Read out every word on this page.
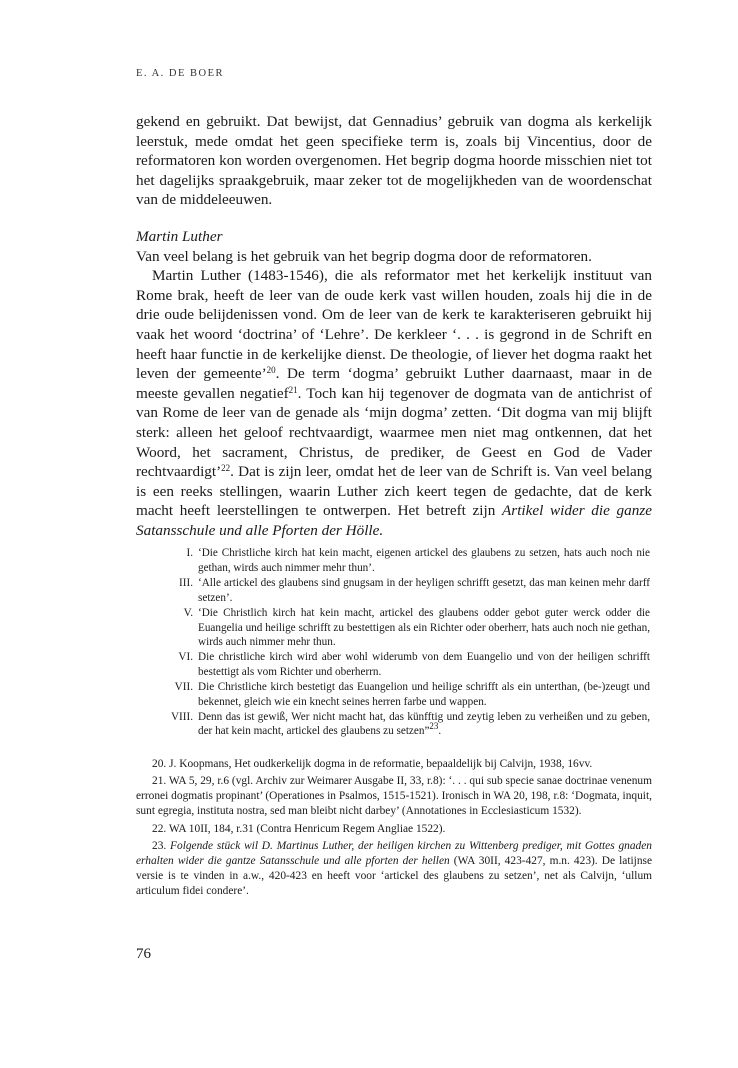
E. A. DE BOER

gekend en gebruikt. Dat bewijst, dat Gennadius’ gebruik van dogma als kerkelijk leerstuk, mede omdat het geen specifieke term is, zoals bij Vincentius, door de reformatoren kon worden overgenomen. Het begrip dogma hoorde misschien niet tot het dagelijks spraakgebruik, maar zeker tot de mogelijkheden van de woordenschat van de middeleeuwen.

Martin Luther

Van veel belang is het gebruik van het begrip dogma door de reformatoren.

Martin Luther (1483-1546), die als reformator met het kerkelijk instituut van Rome brak, heeft de leer van de oude kerk vast willen houden, zoals hij die in de drie oude belijdenissen vond. Om de leer van de kerk te karakteriseren gebruikt hij vaak het woord ‘doctrina’ of ‘Lehre’. De kerkleer ‘. . . is gegrond in de Schrift en heeft haar functie in de kerkelijke dienst. De theologie, of liever het dogma raakt het leven der gemeente’$^{20}$. De term ‘dogma’ gebruikt Luther daarnaast, maar in de meeste gevallen negatief$^{21}$. Toch kan hij tegenover de dogmata van de antichrist of van Rome de leer van de genade als ‘mijn dogma’ zetten. ‘Dit dogma van mij blijft sterk: alleen het geloof rechtvaardigt, waarmee men niet mag ontkennen, dat het Woord, het sacrament, Christus, de prediker, de Geest en God de Vader rechtvaardigt’$^{22}$. Dat is zijn leer, omdat het de leer van de Schrift is. Van veel belang is een reeks stellingen, waarin Luther zich keert tegen de gedachte, dat de kerk macht heeft leerstellingen te ontwerpen. Het betreft zijn Artikel wider die ganze Satansschule und alle Pforten der Hölle.

I. ‘Die Christliche kirch hat kein macht, eigenen artickel des glaubens zu setzen, hats auch noch nie gethan, wirds auch nimmer mehr thun’.
III. ‘Alle artickel des glaubens sind gnugsam in der heyligen schrifft gesetzt, das man keinen mehr darff setzen’.
V. ‘Die Christlich kirch hat kein macht, artickel des glaubens odder gebot guter werck odder die Euangelia und heilige schrifft zu bestettigen als ein Richter oder oberherr, hats auch noch nie gethan, wirds auch nimmer mehr thun.
VI. Die christliche kirch wird aber wohl widerumb von dem Euangelio und von der heiligen schrifft bestettigt als vom Richter und oberherrn.
VII. Die Christliche kirch bestetigt das Euangelion und heilige schrifft als ein unterthan, (be-)zeugt und bekennet, gleich wie ein knecht seines herren farbe und wappen.
VIII. Denn das ist gewiß, Wer nicht macht hat, das künfftig und zeytig leben zu verheißen und zu geben, der hat kein macht, artickel des glaubens zu setzen”$^{23}$.

20. J. Koopmans, Het oudkerkelijk dogma in de reformatie, bepaaldelijk bij Calvijn, 1938, 16vv.

21. WA 5, 29, r.6 (vgl. Archiv zur Weimarer Ausgabe II, 33, r.8): ‘. . . qui sub specie sanae doctrinae venenum erronei dogmatis propinant’ (Operationes in Psalmos, 1515-1521). Ironisch in WA 20, 198, r.8: ‘Dogmata, inquit, sunt egregia, instituta nostra, sed man bleibt nicht darbey’ (Annotationes in Ecclesiasticum 1532).

22. WA 10II, 184, r.31 (Contra Henricum Regem Angliae 1522).

23. Folgende stück wil D. Martinus Luther, der heiligen kirchen zu Wittenberg prediger, mit Gottes gnaden erhalten wider die gantze Satansschule und alle pforten der hellen (WA 30II, 423-427, m.n. 423). De latijnse versie is te vinden in a.w., 420-423 en heeft voor ‘artickel des glaubens zu setzen’, net als Calvijn, ‘ullum articulum fidei condere’.

76
